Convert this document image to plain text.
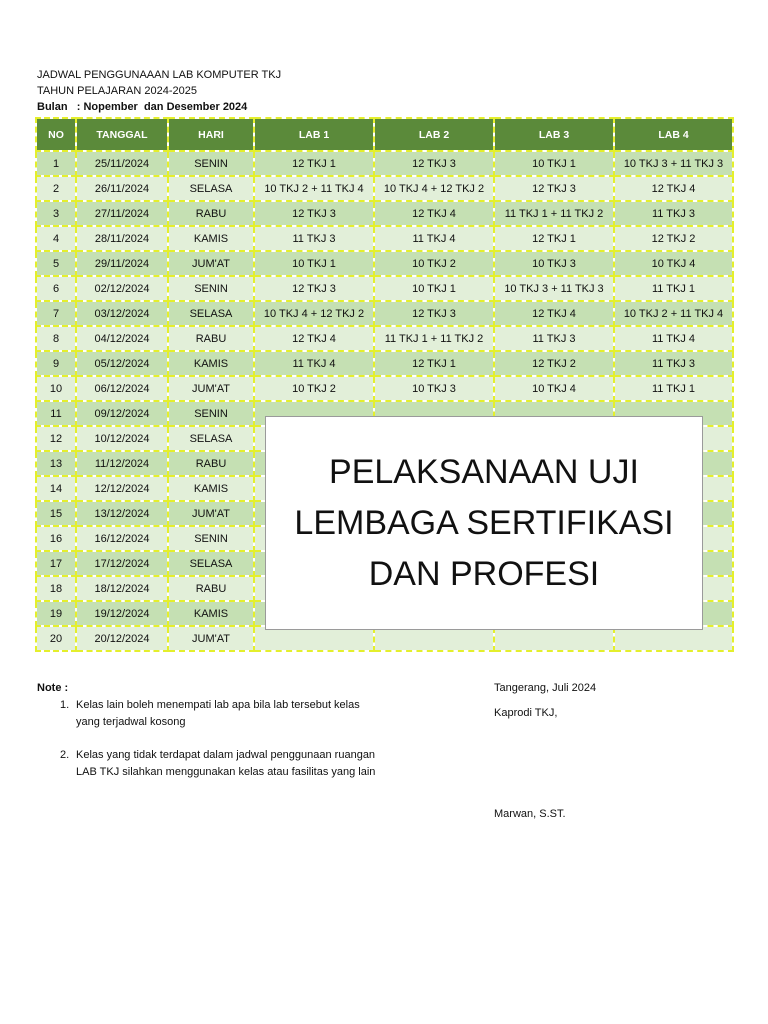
JADWAL PENGGUNAAAN LAB KOMPUTER TKJ
TAHUN PELAJARAN 2024-2025
Bulan   : Nopember  dan Desember 2024
NO	TANGGAL	HARI	LAB 1	LAB 2	LAB 3	LAB 4
1	25/11/2024	SENIN	12 TKJ 1	12 TKJ 3	10 TKJ 1	10 TKJ 3 + 11 TKJ 3
2	26/11/2024	SELASA	10 TKJ 2 + 11 TKJ 4	10 TKJ 4 + 12 TKJ 2	12 TKJ 3	12 TKJ 4
3	27/11/2024	RABU	12 TKJ 3	12 TKJ 4	11 TKJ 1 + 11 TKJ 2	11 TKJ 3
4	28/11/2024	KAMIS	11 TKJ 3	11 TKJ 4	12 TKJ 1	12 TKJ 2
5	29/11/2024	JUM'AT	10 TKJ 1	10 TKJ 2	10 TKJ 3	10 TKJ 4
6	02/12/2024	SENIN	12 TKJ 3	10 TKJ 1	10 TKJ 3 + 11 TKJ 3	11 TKJ 1
7	03/12/2024	SELASA	10 TKJ 4 + 12 TKJ 2	12 TKJ 3	12 TKJ 4	10 TKJ 2 + 11 TKJ 4
8	04/12/2024	RABU	12 TKJ 4	11 TKJ 1 + 11 TKJ 2	11 TKJ 3	11 TKJ 4
9	05/12/2024	KAMIS	11 TKJ 4	12 TKJ 1	12 TKJ 2	11 TKJ 3
10	06/12/2024	JUM'AT	10 TKJ 2	10 TKJ 3	10 TKJ 4	11 TKJ 1
11	09/12/2024	SENIN				
12	10/12/2024	SELASA				
13	11/12/2024	RABU				
14	12/12/2024	KAMIS				
15	13/12/2024	JUM'AT				
16	16/12/2024	SENIN				
17	17/12/2024	SELASA				
18	18/12/2024	RABU				
19	19/12/2024	KAMIS				
20	20/12/2024	JUM'AT				
PELAKSANAAN UJI
LEMBAGA SERTIFIKASI
DAN PROFESI
Note :
1. Kelas lain boleh menempati lab apa bila lab tersebut kelas yang terjadwal kosong
2. Kelas yang tidak terdapat dalam jadwal penggunaan ruangan LAB TKJ silahkan menggunakan kelas atau fasilitas yang lain
Tangerang, Juli 2024
Kaprodi TKJ,
Marwan, S.ST.
